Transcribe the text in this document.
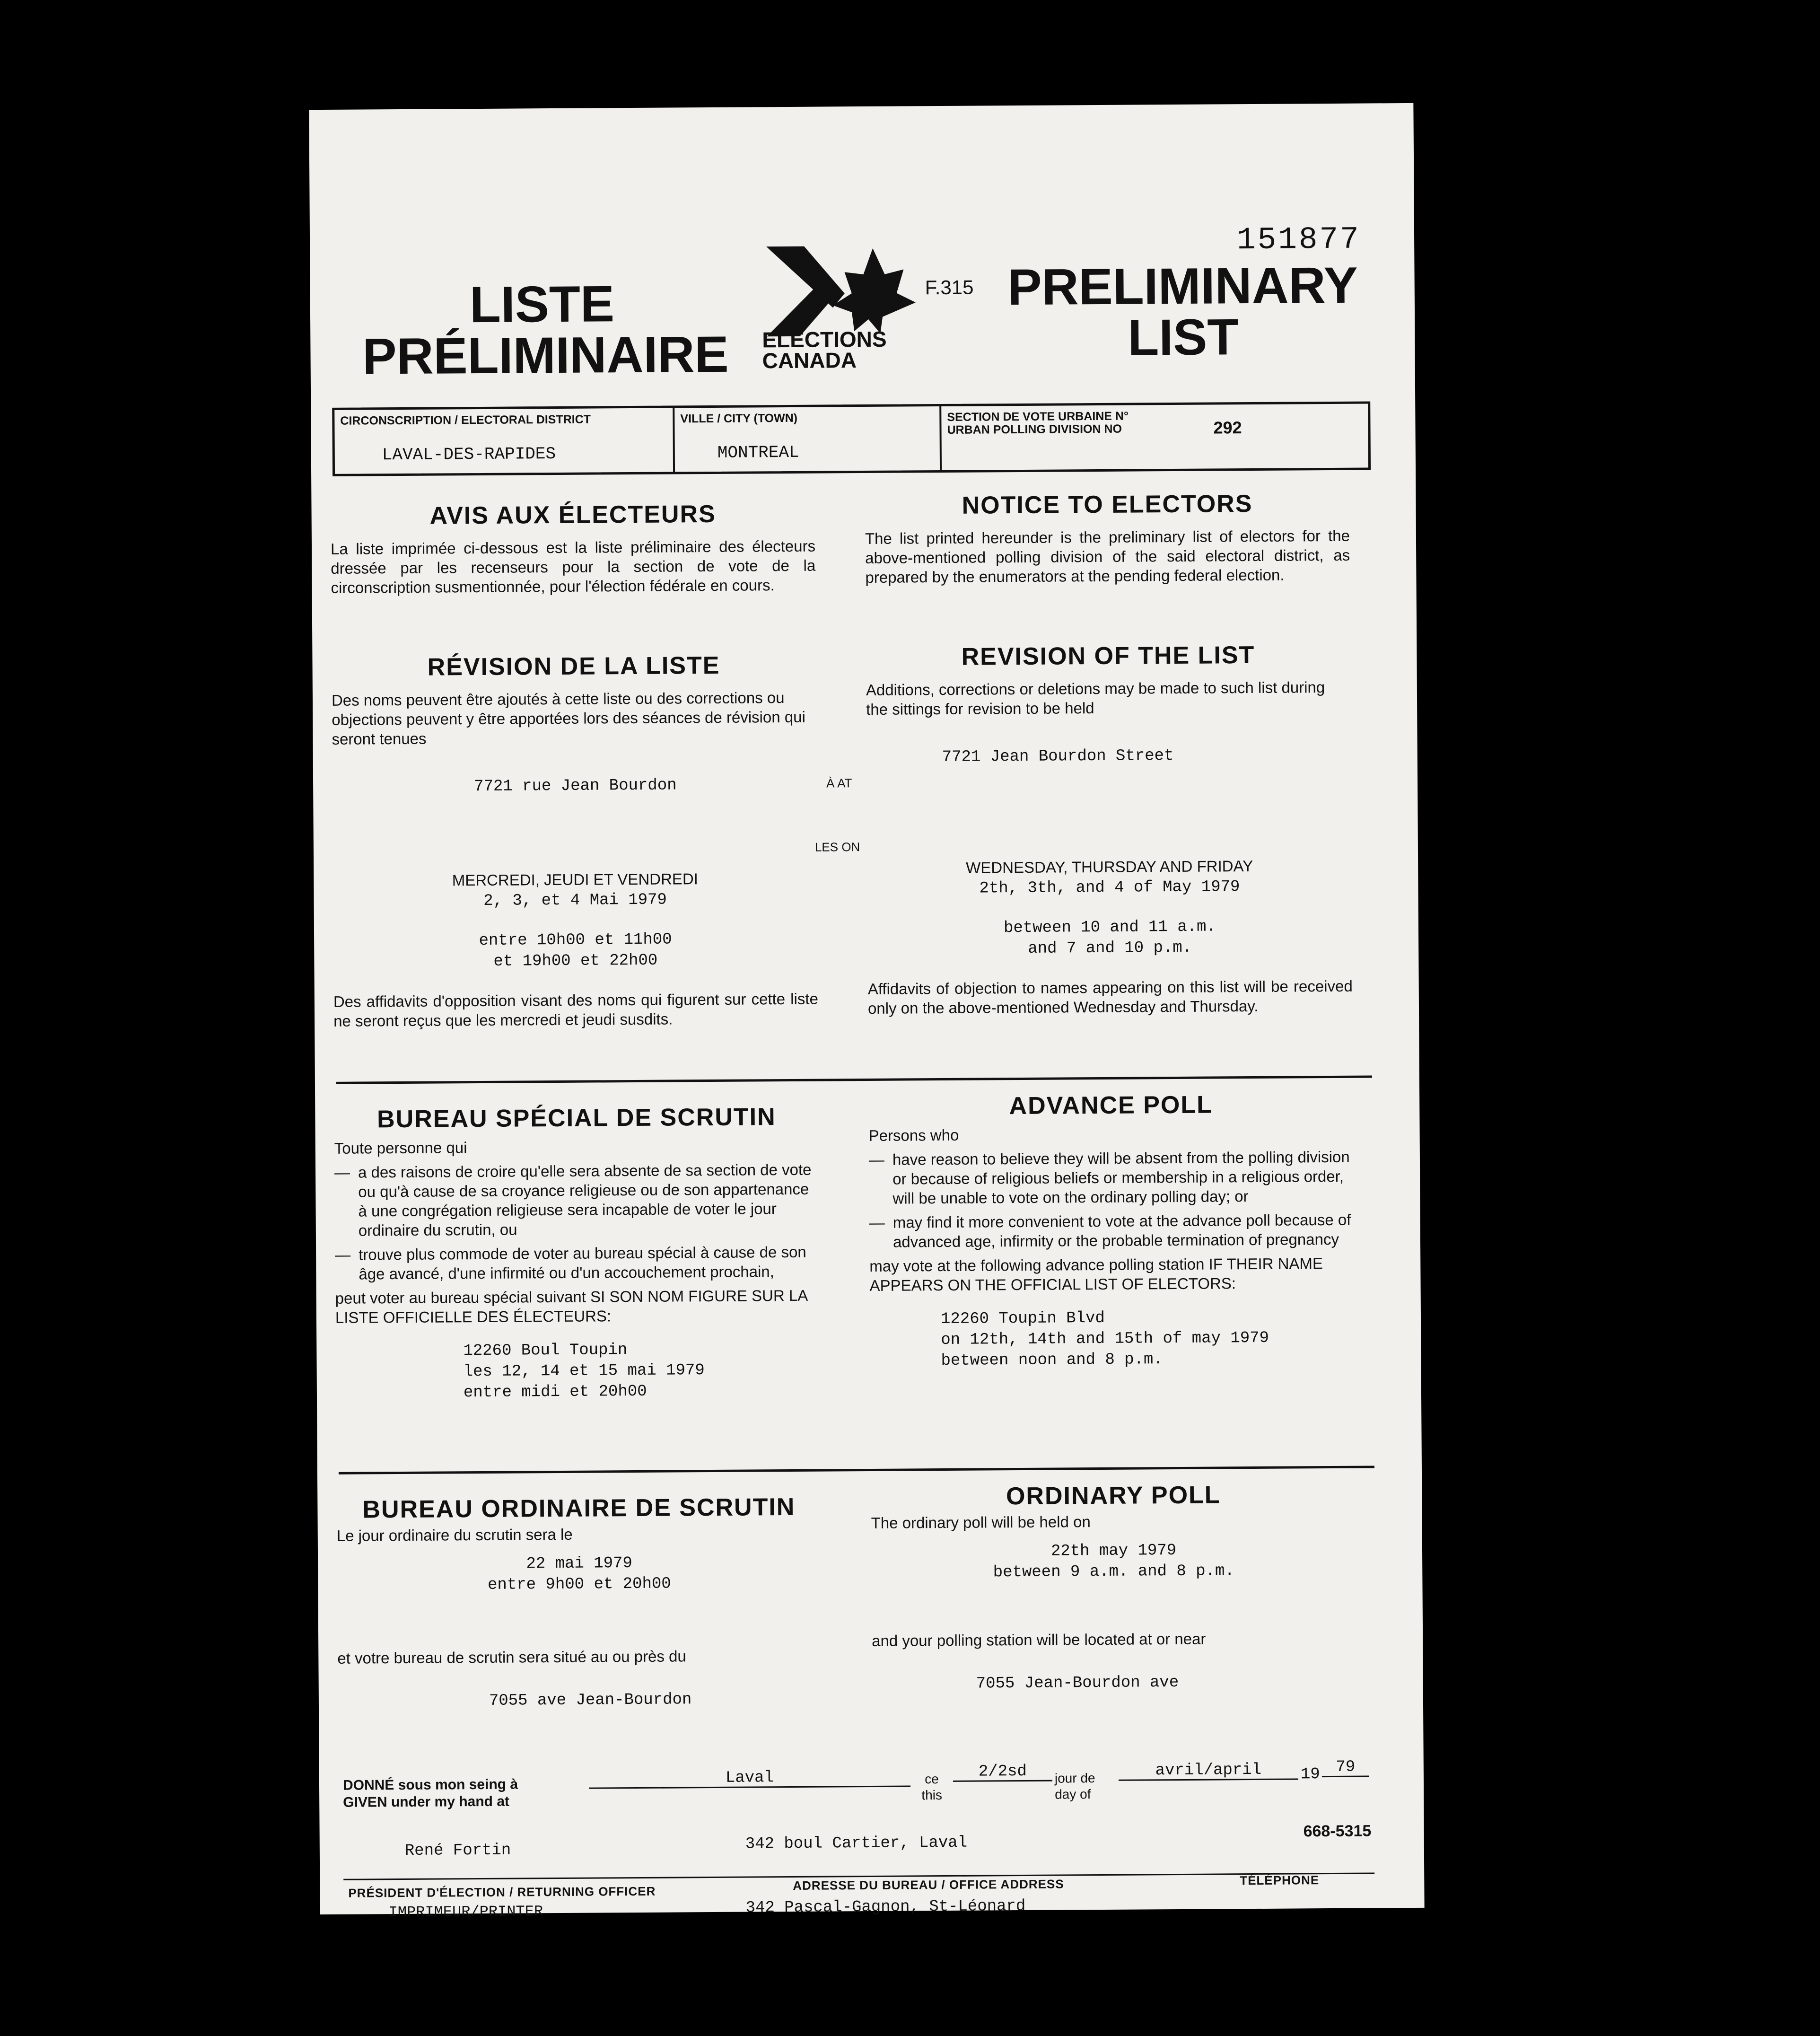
151877
LISTE
PRÉLIMINAIRE ELECTIONS
CANADA
F.315 PRELIMINARY
LIST
CIRCONSCRIPTION / ELECTORAL DISTRICT
LAVAL-DES-RAPIDES
VILLE / CITY (TOWN)
MONTREAL
SECTION DE VOTE URBAINE N°
URBAN POLLING DIVISION NO	292
AVIS AUX ÉLECTEURS
La liste imprimée ci-dessous est la liste préliminaire des électeurs dressée par les recenseurs pour la section de vote de la circonscription susmentionnée, pour l'élection fédérale en cours.
NOTICE TO ELECTORS
The list printed hereunder is the preliminary list of electors for the above-mentioned polling division of the said electoral district, as prepared by the enumerators at the pending federal election.
RÉVISION DE LA LISTE
Des noms peuvent être ajoutés à cette liste ou des corrections ou objections peuvent y être apportées lors des séances de révision qui seront tenues
7721 rue Jean Bourdon
REVISION OF THE LIST
Additions, corrections or deletions may be made to such list during the sittings for revision to be held
7721 Jean Bourdon Street
À AT
LES ON
MERCREDI, JEUDI ET VENDREDI
2, 3, et 4 Mai 1979
entre 10h00 et 11h00
et 19h00 et 22h00
Des affidavits d'opposition visant des noms qui figurent sur cette liste ne seront reçus que les mercredi et jeudi susdits.
WEDNESDAY, THURSDAY AND FRIDAY
2th, 3th, and 4 of May 1979
between 10 and 11 a.m.
and 7 and 10 p.m.
Affidavits of objection to names appearing on this list will be received only on the above-mentioned Wednesday and Thursday.
BUREAU SPÉCIAL DE SCRUTIN
Toute personne qui
— a des raisons de croire qu'elle sera absente de sa section de vote ou qu'à cause de sa croyance religieuse ou de son appartenance à une congrégation religieuse sera incapable de voter le jour ordinaire du scrutin, ou
— trouve plus commode de voter au bureau spécial à cause de son âge avancé, d'une infirmité ou d'un accouchement prochain,
peut voter au bureau spécial suivant SI SON NOM FIGURE SUR LA LISTE OFFICIELLE DES ÉLECTEURS:
12260 Boul Toupin
les 12, 14 et 15 mai 1979
entre midi et 20h00
ADVANCE POLL
Persons who
— have reason to believe they will be absent from the polling division or because of religious beliefs or membership in a religious order, will be unable to vote on the ordinary polling day; or
— may find it more convenient to vote at the advance poll because of advanced age, infirmity or the probable termination of pregnancy
may vote at the following advance polling station IF THEIR NAME APPEARS ON THE OFFICIAL LIST OF ELECTORS:
12260 Toupin Blvd
on 12th, 14th and 15th of may 1979
between noon and 8 p.m.
BUREAU ORDINAIRE DE SCRUTIN
Le jour ordinaire du scrutin sera le
22 mai 1979
entre 9h00 et 20h00
et votre bureau de scrutin sera situé au ou près du
7055 ave Jean-Bourdon
ORDINARY POLL
The ordinary poll will be held on
22th may 1979
between 9 a.m. and 8 p.m.
and your polling station will be located at or near
7055 Jean-Bourdon ave
DONNÉ sous mon seing à
GIVEN under my hand at
Laval	ce
this
2/2sd	jour de
day of
avril/april	19 79
René Fortin	342 boul Cartier, Laval
668-5315
PRÉSIDENT D'ÉLECTION / RETURNING OFFICER	ADRESSE DU BUREAU / OFFICE ADDRESS	TÉLÉPHONE
IMPRIMEUR/PRINTER	342 Pascal-Gagnon, St-Léonard
